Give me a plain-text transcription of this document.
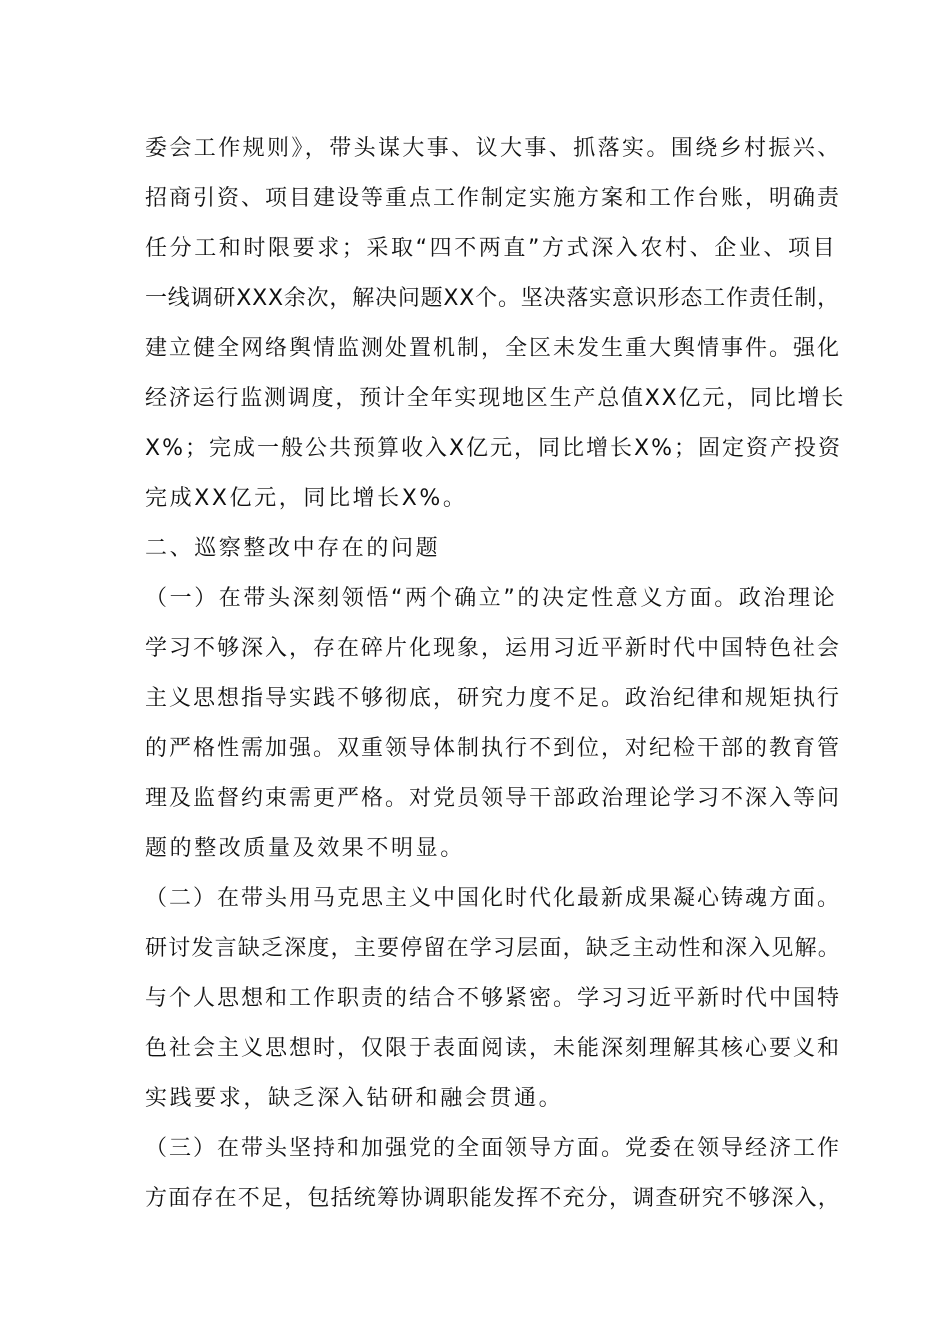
委会工作规则》，带头谋大事、议大事、抓落实。围绕乡村振兴、

招商引资、项目建设等重点工作制定实施方案和工作台账，明确责

任分工和时限要求；采取“四不两直”方式深入农村、企业、项目

一线调研XXX余次，解决问题XX个。坚决落实意识形态工作责任制，

建立健全网络舆情监测处置机制，全区未发生重大舆情事件。强化

经济运行监测调度，预计全年实现地区生产总值XX亿元，同比增长

X%；完成一般公共预算收入X亿元，同比增长X%；固定资产投资

完成XX亿元，同比增长X%。

二、巡察整改中存在的问题

（一）在带头深刻领悟“两个确立”的决定性意义方面。政治理论

学习不够深入，存在碎片化现象，运用习近平新时代中国特色社会

主义思想指导实践不够彻底，研究力度不足。政治纪律和规矩执行

的严格性需加强。双重领导体制执行不到位，对纪检干部的教育管

理及监督约束需更严格。对党员领导干部政治理论学习不深入等问

题的整改质量及效果不明显。

（二）在带头用马克思主义中国化时代化最新成果凝心铸魂方面。

研讨发言缺乏深度，主要停留在学习层面，缺乏主动性和深入见解。

与个人思想和工作职责的结合不够紧密。学习习近平新时代中国特

色社会主义思想时，仅限于表面阅读，未能深刻理解其核心要义和

实践要求，缺乏深入钻研和融会贯通。

（三）在带头坚持和加强党的全面领导方面。党委在领导经济工作

方面存在不足，包括统筹协调职能发挥不充分，调查研究不够深入，
